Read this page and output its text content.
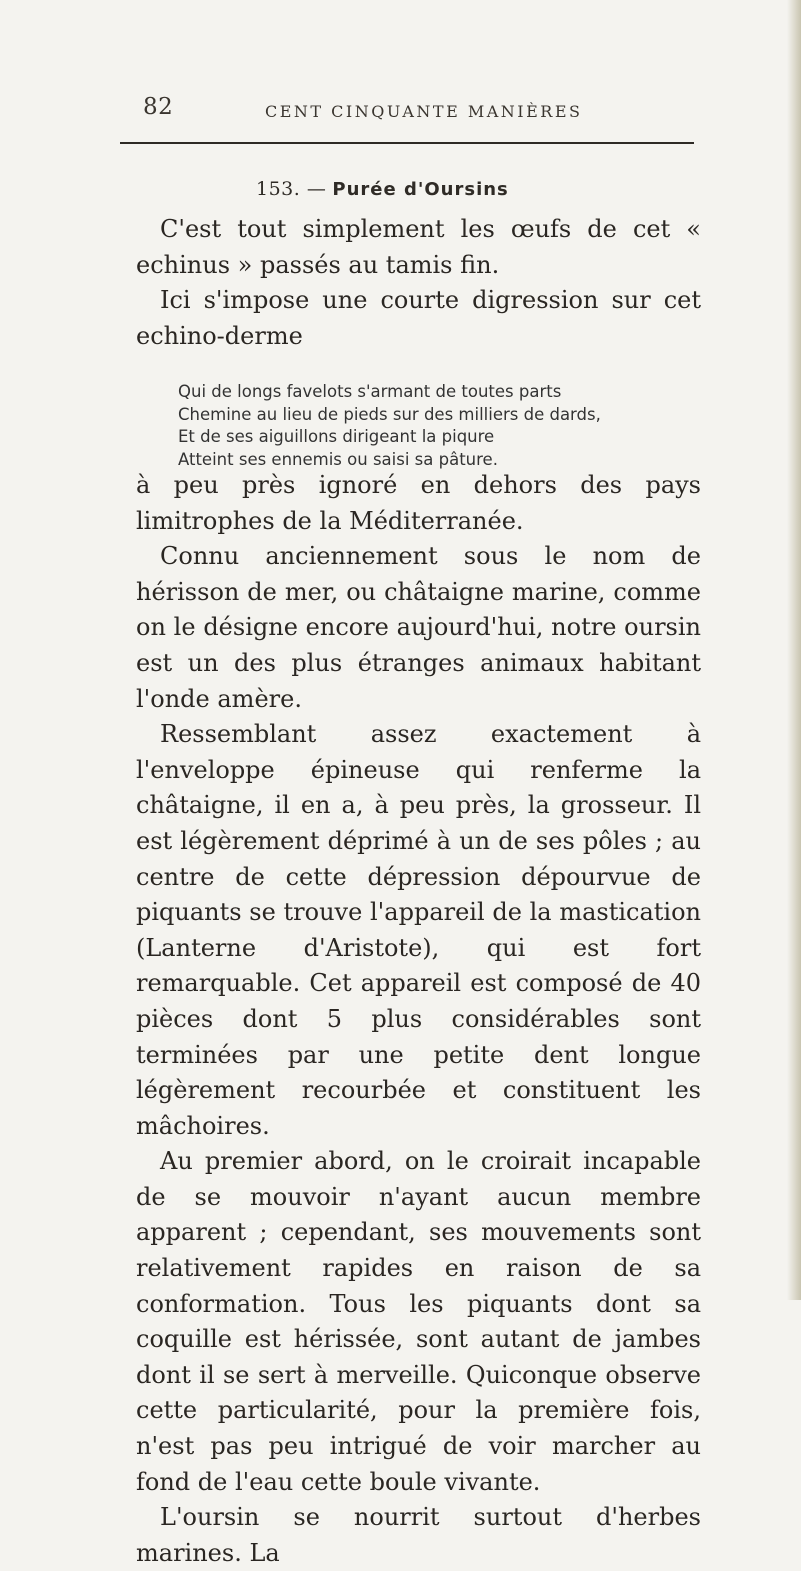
82	CENT CINQUANTE MANIÈRES
153. — Purée d'Oursins

C'est tout simplement les œufs de cet « echinus » passés au tamis fin.

Ici s'impose une courte digression sur cet echino-derme

Qui de longs favelots s'armant de toutes parts
Chemine au lieu de pieds sur des milliers de dards,
Et de ses aiguillons dirigeant la piqure
Atteint ses ennemis ou saisi sa pâture.

à peu près ignoré en dehors des pays limitrophes de la Méditerranée.

Connu anciennement sous le nom de hérisson de mer, ou châtaigne marine, comme on le désigne encore aujourd'hui, notre oursin est un des plus étranges animaux habitant l'onde amère.

Ressemblant assez exactement à l'enveloppe épineuse qui renferme la châtaigne, il en a, à peu près, la grosseur. Il est légèrement déprimé à un de ses pôles ; au centre de cette dépression dépourvue de piquants se trouve l'appareil de la mastication (Lanterne d'Aristote), qui est fort remarquable. Cet appareil est composé de 40 pièces dont 5 plus considérables sont terminées par une petite dent longue légèrement recourbée et constituent les mâchoires.

Au premier abord, on le croirait incapable de se mouvoir n'ayant aucun membre apparent ; cependant, ses mouvements sont relativement rapides en raison de sa conformation. Tous les piquants dont sa coquille est hérissée, sont autant de jambes dont il se sert à merveille. Quiconque observe cette particularité, pour la première fois, n'est pas peu intrigué de voir marcher au fond de l'eau cette boule vivante.

L'oursin se nourrit surtout d'herbes marines. La
